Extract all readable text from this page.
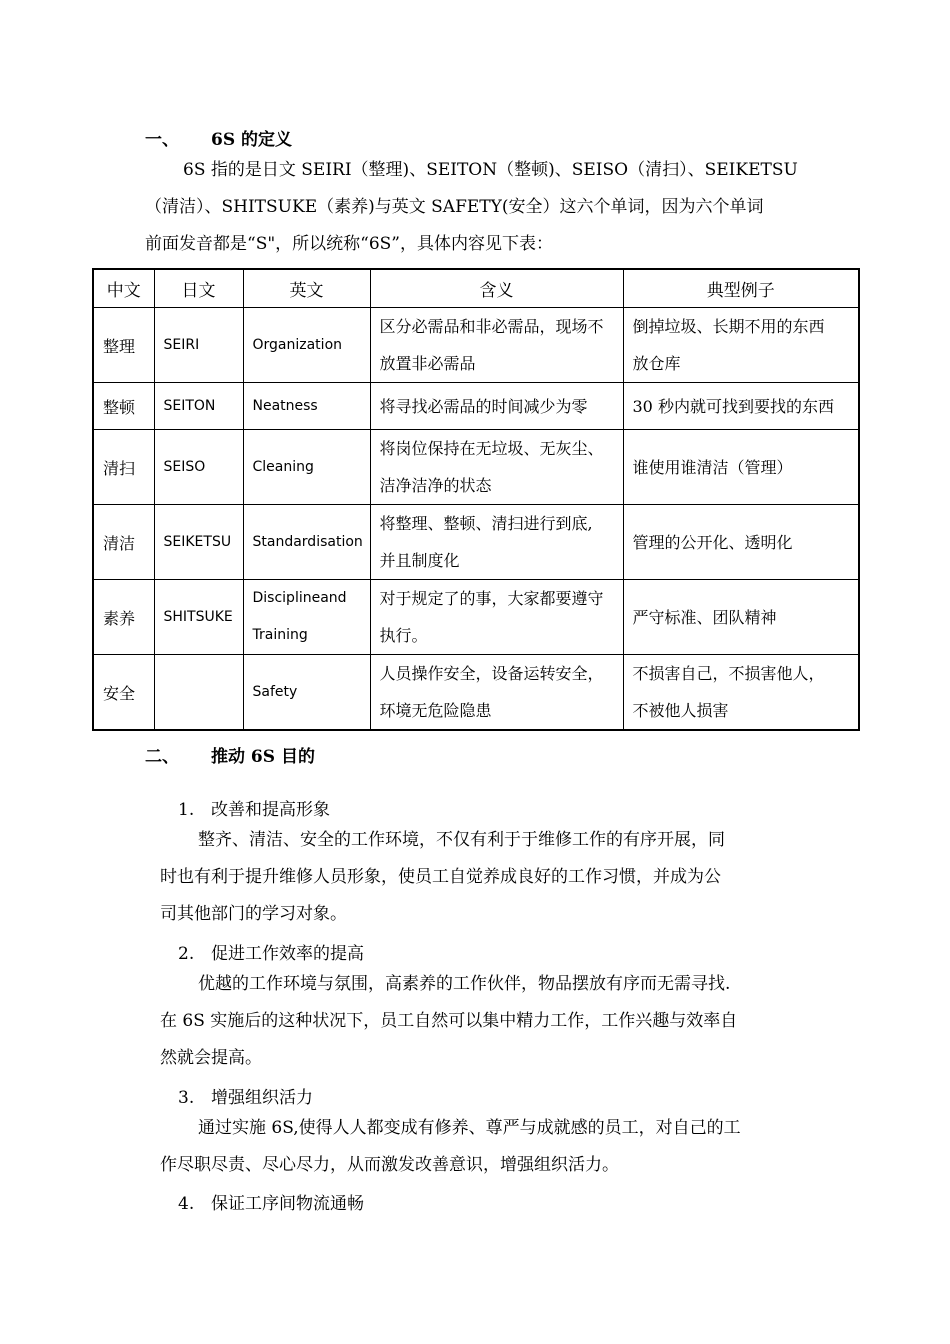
一、 6S 的定义
6S 指的是日文 SEIRI（整理)、SEITON（整顿)、SEISO（清扫）、SEIKETSU
（清洁）、SHITSUKE（素养)与英文 SAFETY(安全）这六个单词，因为六个单词
前面发音都是“S"，所以统称“6S”，具体内容见下表：
中文	日文	英文	含义	典型例子

整理	SEIRI	Organization	区分必需品和非必需品，现场不
放置非必需品	倒掉垃圾、长期不用的东西
放仓库

整顿	SEITON	Neatness	将寻找必需品的时间减少为零	30 秒内就可找到要找的东西

清扫	SEISO	Cleaning	将岗位保持在无垃圾、无灰尘、
洁净洁净的状态	谁使用谁清洁（管理）

清洁	SEIKETSU	Standardisation	将整理、整顿、清扫进行到底,
并且制度化	管理的公开化、透明化

素养	SHITSUKE	Disciplineand
Training	对于规定了的事，大家都要遵守
执行。	严守标准、团队精神

安全		Safety	人员操作安全，设备运转安全，
环境无危险隐患	不损害自己，不损害他人，
不被他人损害
二、 推动 6S 目的
1. 改善和提高形象
整齐、清洁、安全的工作环境，不仅有利于于维修工作的有序开展，同
时也有利于提升维修人员形象，使员工自觉养成良好的工作习惯，并成为公
司其他部门的学习对象。
2. 促进工作效率的提高
优越的工作环境与氛围，高素养的工作伙伴，物品摆放有序而无需寻找.
在 6S 实施后的这种状况下，员工自然可以集中精力工作，工作兴趣与效率自
然就会提高。
3. 增强组织活力
通过实施 6S,使得人人都变成有修养、尊严与成就感的员工，对自己的工
作尽职尽责、尽心尽力，从而激发改善意识，增强组织活力。
4. 保证工序间物流通畅
